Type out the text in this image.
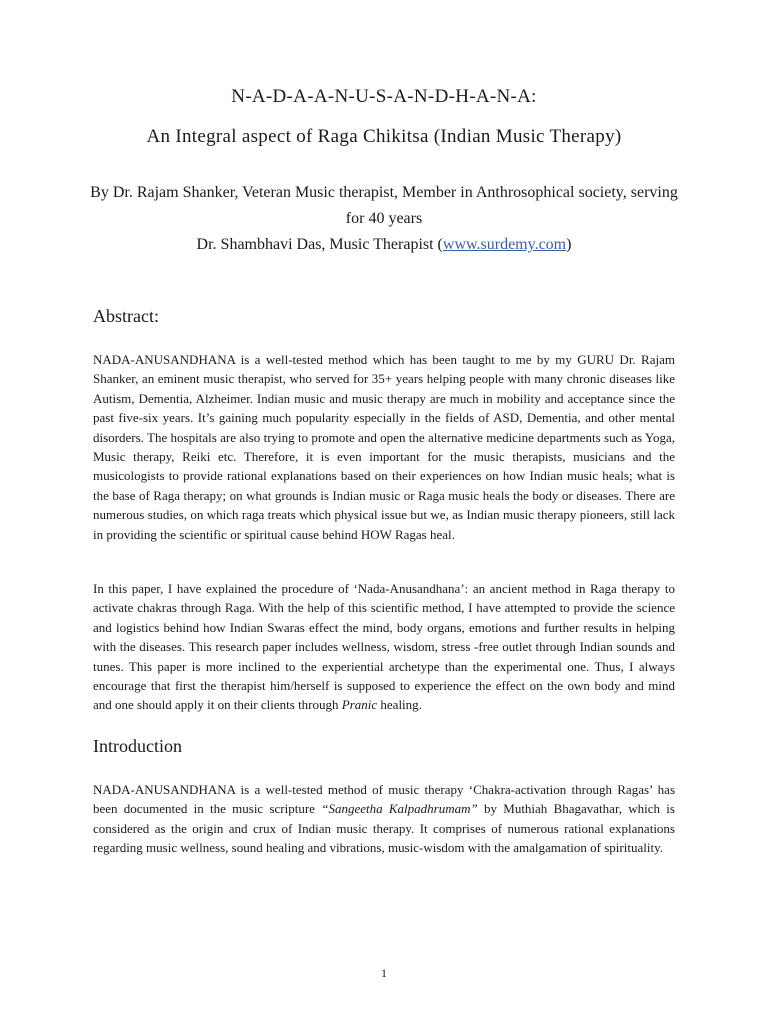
N-A-D-A-A-N-U-S-A-N-D-H-A-N-A:
An Integral aspect of Raga Chikitsa (Indian Music Therapy)
By Dr. Rajam Shanker, Veteran Music therapist, Member in Anthrosophical society, serving for 40 years
Dr. Shambhavi Das, Music Therapist (www.surdemy.com)
Abstract:

NADA-ANUSANDHANA is a well-tested method which has been taught to me by my GURU Dr. Rajam Shanker, an eminent music therapist, who served for 35+ years helping people with many chronic diseases like Autism, Dementia, Alzheimer. Indian music and music therapy are much in mobility and acceptance since the past five-six years. It’s gaining much popularity especially in the fields of ASD, Dementia, and other mental disorders. The hospitals are also trying to promote and open the alternative medicine departments such as Yoga, Music therapy, Reiki etc. Therefore, it is even important for the music therapists, musicians and the musicologists to provide rational explanations based on their experiences on how Indian music heals; what is the base of Raga therapy; on what grounds is Indian music or Raga music heals the body or diseases. There are numerous studies, on which raga treats which physical issue but we, as Indian music therapy pioneers, still lack in providing the scientific or spiritual cause behind HOW Ragas heal.

In this paper, I have explained the procedure of ‘Nada-Anusandhana’: an ancient method in Raga therapy to activate chakras through Raga. With the help of this scientific method, I have attempted to provide the science and logistics behind how Indian Swaras effect the mind, body organs, emotions and further results in helping with the diseases. This research paper includes wellness, wisdom, stress -free outlet through Indian sounds and tunes. This paper is more inclined to the experiential archetype than the experimental one. Thus, I always encourage that first the therapist him/herself is supposed to experience the effect on the own body and mind and one should apply it on their clients through Pranic healing.

Introduction

NADA-ANUSANDHANA is a well-tested method of music therapy ‘Chakra-activation through Ragas’ has been documented in the music scripture “Sangeetha Kalpadhrumam” by Muthiah Bhagavathar, which is considered as the origin and crux of Indian music therapy. It comprises of numerous rational explanations regarding music wellness, sound healing and vibrations, music-wisdom with the amalgamation of spirituality.

1
